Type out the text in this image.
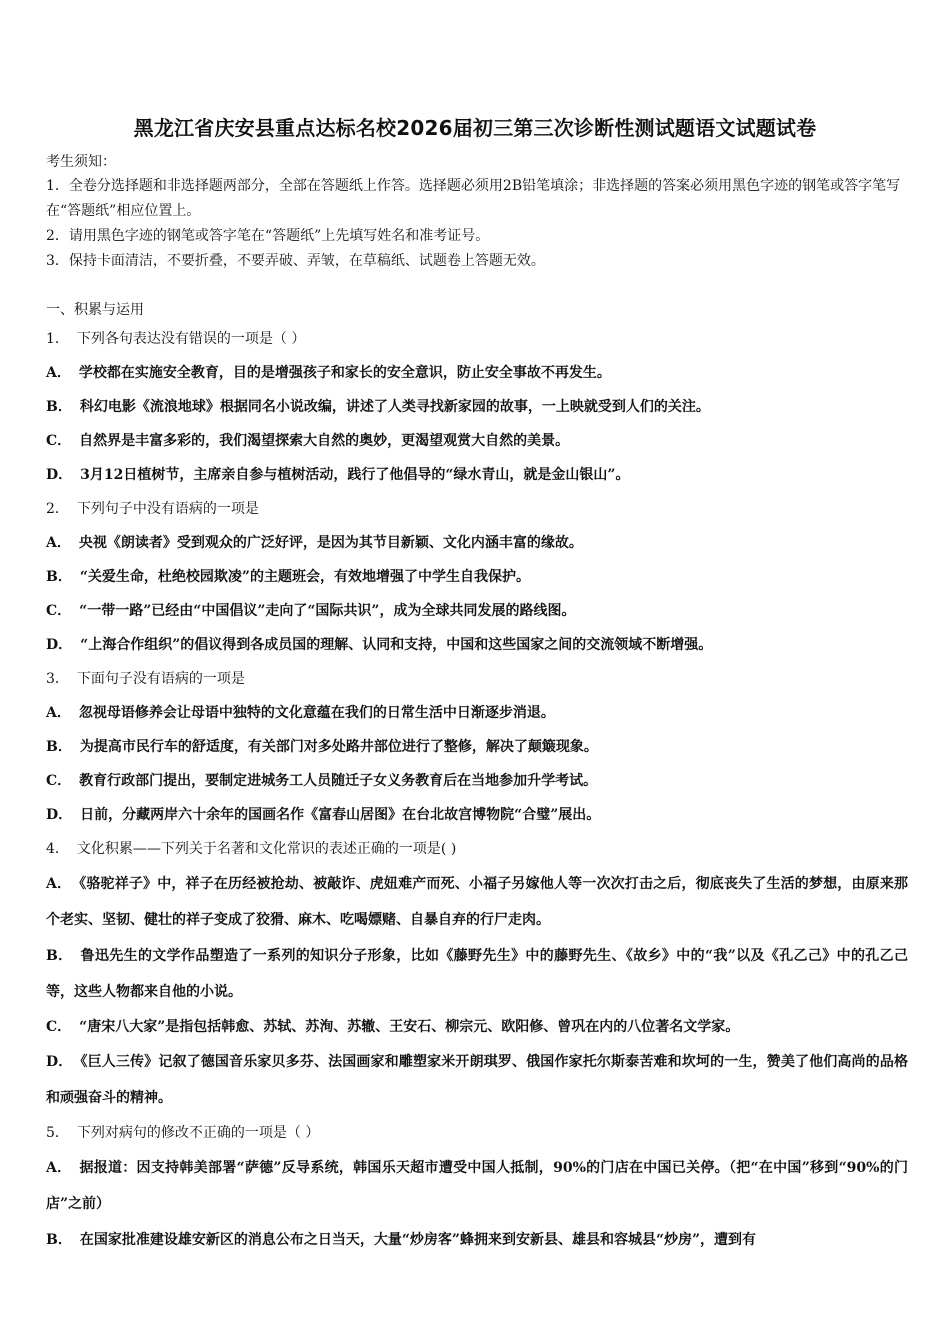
黑龙江省庆安县重点达标名校2026届初三第三次诊断性测试题语文试题试卷
考生须知：
1．全卷分选择题和非选择题两部分，全部在答题纸上作答。选择题必须用2B铅笔填涂；非选择题的答案必须用黑色字迹的钢笔或答字笔写在“答题纸”相应位置上。
2．请用黑色字迹的钢笔或答字笔在“答题纸”上先填写姓名和准考证号。
3．保持卡面清洁，不要折叠，不要弄破、弄皱，在草稿纸、试题卷上答题无效。
一、积累与运用
1． 下列各句表达没有错误的一项是（ ）
A． 学校都在实施安全教育，目的是增强孩子和家长的安全意识，防止安全事故不再发生。
B． 科幻电影《流浪地球》根据同名小说改编，讲述了人类寻找新家园的故事，一上映就受到人们的关注。
C． 自然界是丰富多彩的，我们渴望探索大自然的奥妙，更渴望观赏大自然的美景。
D． 3月12日植树节，主席亲自参与植树活动，践行了他倡导的“绿水青山，就是金山银山”。
2． 下列句子中没有语病的一项是
A． 央视《朗读者》受到观众的广泛好评，是因为其节目新颖、文化内涵丰富的缘故。
B． “关爱生命，杜绝校园欺凌”的主题班会，有效地增强了中学生自我保护。
C． “一带一路”已经由“中国倡议”走向了“国际共识”，成为全球共同发展的路线图。
D． “上海合作组织”的倡议得到各成员国的理解、认同和支持，中国和这些国家之间的交流领域不断增强。
3． 下面句子没有语病的一项是
A． 忽视母语修养会让母语中独特的文化意蕴在我们的日常生活中日渐逐步消退。
B． 为提高市民行车的舒适度，有关部门对多处路井部位进行了整修，解决了颠簸现象。
C． 教育行政部门提出，要制定进城务工人员随迁子女义务教育后在当地参加升学考试。
D． 日前，分藏两岸六十余年的国画名作《富春山居图》在台北故宫博物院“合璧”展出。
4． 文化积累——下列关于名著和文化常识的表述正确的一项是( )
A． 《骆驼祥子》中，祥子在历经被抢劫、被敲诈、虎妞难产而死、小福子另嫁他人等一次次打击之后，彻底丧失了生活的梦想，由原来那个老实、坚韧、健壮的祥子变成了狡猾、麻木、吃喝嫖赌、自暴自弃的行尸走肉。
B． 鲁迅先生的文学作品塑造了一系列的知识分子形象，比如《藤野先生》中的藤野先生、《故乡》中的“我”以及《孔乙己》中的孔乙己等，这些人物都来自他的小说。
C． “唐宋八大家”是指包括韩愈、苏轼、苏洵、苏辙、王安石、柳宗元、欧阳修、曾巩在内的八位著名文学家。
D． 《巨人三传》记叙了德国音乐家贝多芬、法国画家和雕塑家米开朗琪罗、俄国作家托尔斯泰苦难和坎坷的一生，赞美了他们高尚的品格和顽强奋斗的精神。
5． 下列对病句的修改不正确的一项是（ ）
A． 据报道：因支持韩美部署“萨德”反导系统，韩国乐天超市遭受中国人抵制，90%的门店在中国已关停。（把“在中国”移到“90%的门店”之前）
B． 在国家批准建设雄安新区的消息公布之日当天，大量“炒房客”蜂拥来到安新县、雄县和容城县“炒房”，遭到有
